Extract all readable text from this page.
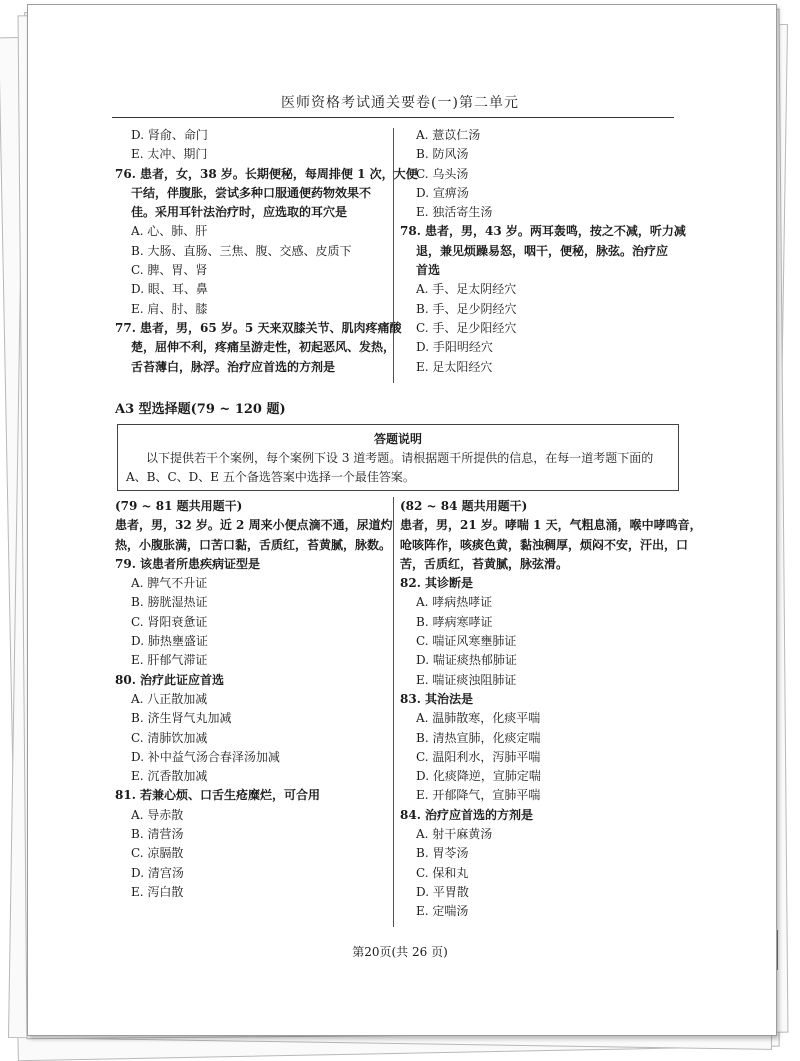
医师资格考试通关要卷(一)第二单元
D. 肾俞、命门
E. 太冲、期门
76. 患者，女，38 岁。长期便秘，每周排便 1 次，大便
干结，伴腹胀，尝试多种口服通便药物效果不
佳。采用耳针法治疗时，应选取的耳穴是
A. 心、肺、肝
B. 大肠、直肠、三焦、腹、交感、皮质下
C. 脾、胃、肾
D. 眼、耳、鼻
E. 肩、肘、膝
77. 患者，男，65 岁。5 天来双膝关节、肌肉疼痛酸
楚，屈伸不利，疼痛呈游走性，初起恶风、发热，
舌苔薄白，脉浮。治疗应首选的方剂是
A. 薏苡仁汤
B. 防风汤
C. 乌头汤
D. 宣痹汤
E. 独活寄生汤
78. 患者，男，43 岁。两耳轰鸣，按之不减，听力减
退，兼见烦躁易怒，咽干，便秘，脉弦。治疗应
首选
A. 手、足太阴经穴
B. 手、足少阴经穴
C. 手、足少阳经穴
D. 手阳明经穴
E. 足太阳经穴
A3 型选择题(79 ~ 120 题)
答题说明
以下提供若干个案例，每个案例下设 3 道考题。请根据题干所提供的信息，在每一道考题下面的
A、B、C、D、E 五个备选答案中选择一个最佳答案。
(79 ~ 81 题共用题干)
患者，男，32 岁。近 2 周来小便点滴不通，尿道灼
热，小腹胀满，口苦口黏，舌质红，苔黄腻，脉数。
79. 该患者所患疾病证型是
A. 脾气不升证
B. 膀胱湿热证
C. 肾阳衰惫证
D. 肺热壅盛证
E. 肝郁气滞证
80. 治疗此证应首选
A. 八正散加减
B. 济生肾气丸加减
C. 清肺饮加减
D. 补中益气汤合春泽汤加减
E. 沉香散加减
81. 若兼心烦、口舌生疮糜烂，可合用
A. 导赤散
B. 清营汤
C. 凉膈散
D. 清宫汤
E. 泻白散
(82 ~ 84 题共用题干)
患者，男，21 岁。哮喘 1 天，气粗息涌，喉中哮鸣音，
呛咳阵作，咳痰色黄，黏浊稠厚，烦闷不安，汗出，口
苦，舌质红，苔黄腻，脉弦滑。
82. 其诊断是
A. 哮病热哮证
B. 哮病寒哮证
C. 喘证风寒壅肺证
D. 喘证痰热郁肺证
E. 喘证痰浊阻肺证
83. 其治法是
A. 温肺散寒，化痰平喘
B. 清热宣肺，化痰定喘
C. 温阳利水，泻肺平喘
D. 化痰降逆，宣肺定喘
E. 开郁降气，宣肺平喘
84. 治疗应首选的方剂是
A. 射干麻黄汤
B. 胃苓汤
C. 保和丸
D. 平胃散
E. 定喘汤
第20页(共 26 页)
